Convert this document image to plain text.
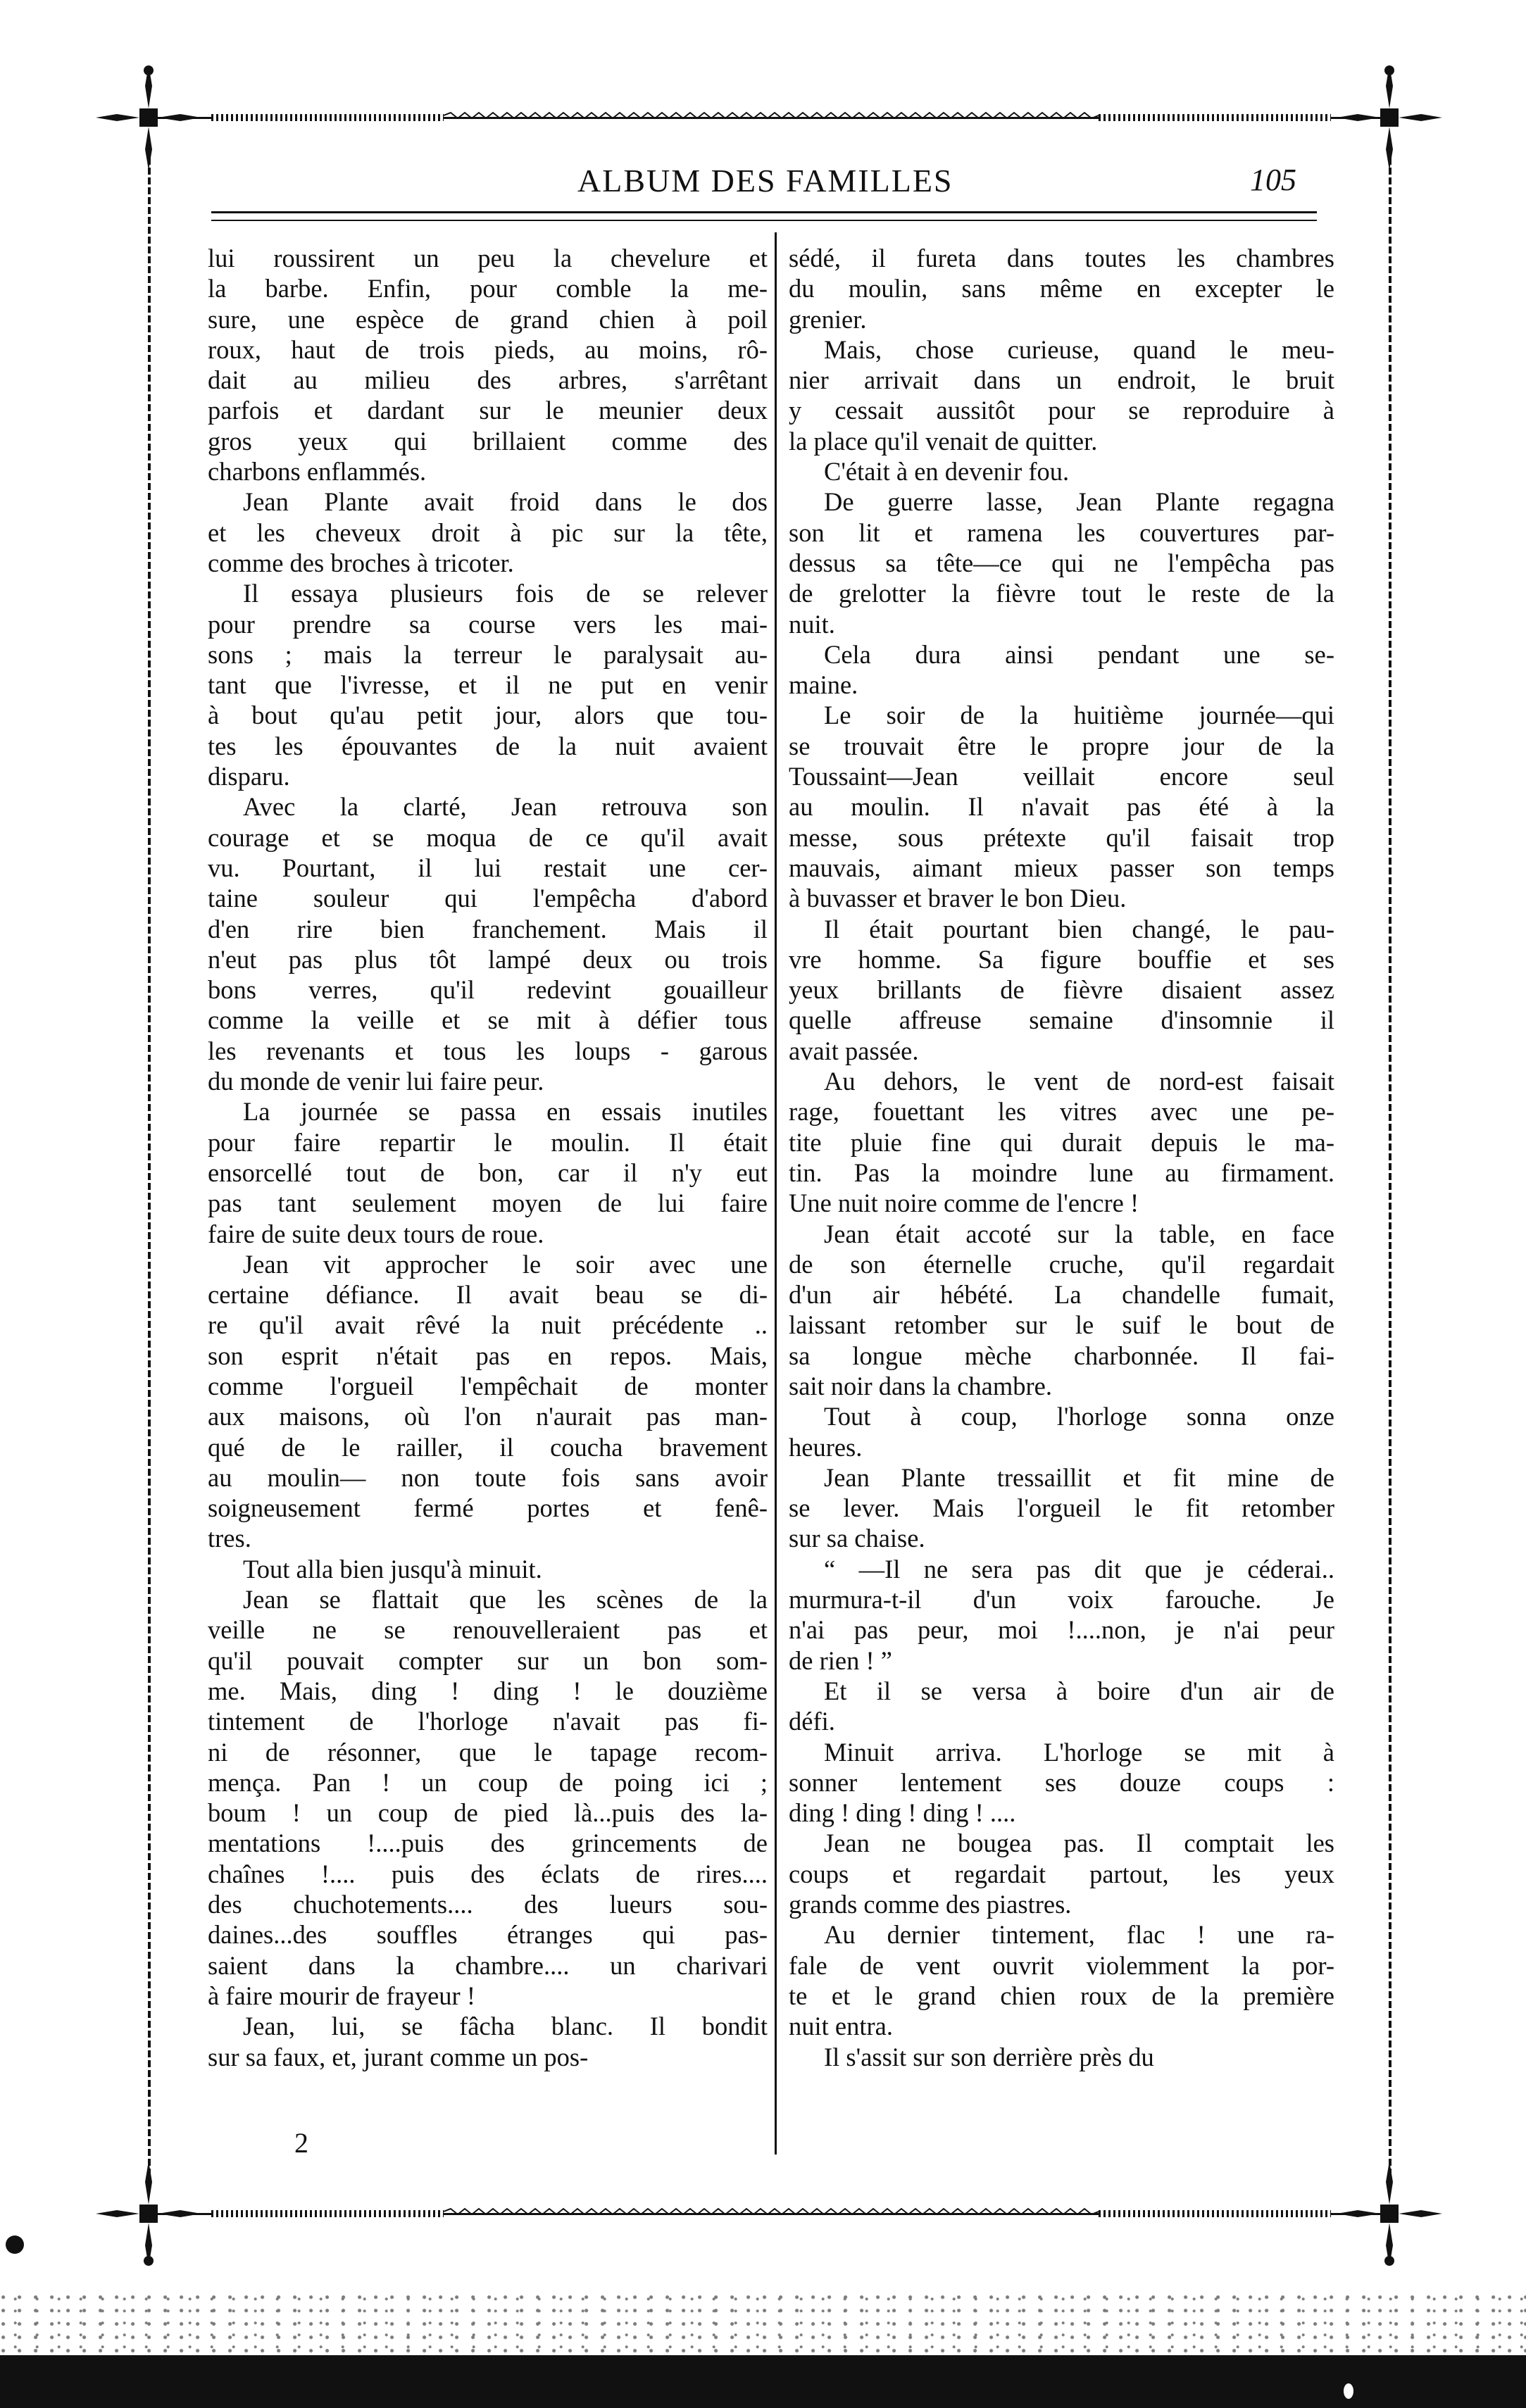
ALBUM DES FAMILLES	105
lui roussirent un peu la chevelure et
la barbe. Enfin, pour comble la me-
sure, une espèce de grand chien à poil
roux, haut de trois pieds, au moins, rô-
dait au milieu des arbres, s'arrêtant
parfois et dardant sur le meunier deux
gros yeux qui brillaient comme des
charbons enflammés.
Jean Plante avait froid dans le dos
et les cheveux droit à pic sur la tête,
comme des broches à tricoter.
Il essaya plusieurs fois de se relever
pour prendre sa course vers les mai-
sons ; mais la terreur le paralysait au-
tant que l'ivresse, et il ne put en venir
à bout qu'au petit jour, alors que tou-
tes les épouvantes de la nuit avaient
disparu.
Avec la clarté, Jean retrouva son
courage et se moqua de ce qu'il avait
vu. Pourtant, il lui restait une cer-
taine souleur qui l'empêcha d'abord
d'en rire bien franchement. Mais il
n'eut pas plus tôt lampé deux ou trois
bons verres, qu'il redevint gouailleur
comme la veille et se mit à défier tous
les revenants et tous les loups - garous
du monde de venir lui faire peur.
La journée se passa en essais inutiles
pour faire repartir le moulin. Il était
ensorcellé tout de bon, car il n'y eut
pas tant seulement moyen de lui faire
faire de suite deux tours de roue.
Jean vit approcher le soir avec une
certaine défiance. Il avait beau se di-
re qu'il avait rêvé la nuit précédente ..
son esprit n'était pas en repos. Mais,
comme l'orgueil l'empêchait de monter
aux maisons, où l'on n'aurait pas man-
qué de le railler, il coucha bravement
au moulin— non toute fois sans avoir
soigneusement fermé portes et fenê-
tres.
Tout alla bien jusqu'à minuit.
Jean se flattait que les scènes de la
veille ne se renouvelleraient pas et
qu'il pouvait compter sur un bon som-
me. Mais, ding ! ding ! le douzième
tintement de l'horloge n'avait pas fi-
ni de résonner, que le tapage recom-
mença. Pan ! un coup de poing ici ;
boum ! un coup de pied là...puis des la-
mentations !....puis des grincements de
chaînes !.... puis des éclats de rires....
des chuchotements.... des lueurs sou-
daines...des souffles étranges qui pas-
saient dans la chambre.... un charivari
à faire mourir de frayeur !
Jean, lui, se fâcha blanc. Il bondit
sur sa faux, et, jurant comme un pos-
sédé, il fureta dans toutes les chambres
du moulin, sans même en excepter le
grenier.
Mais, chose curieuse, quand le meu-
nier arrivait dans un endroit, le bruit
y cessait aussitôt pour se reproduire à
la place qu'il venait de quitter.
C'était à en devenir fou.
De guerre lasse, Jean Plante regagna
son lit et ramena les couvertures par-
dessus sa tête—ce qui ne l'empêcha pas
de grelotter la fièvre tout le reste de la
nuit.
Cela dura ainsi pendant une se-
maine.
Le soir de la huitième journée—qui
se trouvait être le propre jour de la
Toussaint—Jean veillait encore seul
au moulin. Il n'avait pas été à la
messe, sous prétexte qu'il faisait trop
mauvais, aimant mieux passer son temps
à buvasser et braver le bon Dieu.
Il était pourtant bien changé, le pau-
vre homme. Sa figure bouffie et ses
yeux brillants de fièvre disaient assez
quelle affreuse semaine d'insomnie il
avait passée.
Au dehors, le vent de nord-est faisait
rage, fouettant les vitres avec une pe-
tite pluie fine qui durait depuis le ma-
tin. Pas la moindre lune au firmament.
Une nuit noire comme de l'encre !
Jean était accoté sur la table, en face
de son éternelle cruche, qu'il regardait
d'un air hébété. La chandelle fumait,
laissant retomber sur le suif le bout de
sa longue mèche charbonnée. Il fai-
sait noir dans la chambre.
Tout à coup, l'horloge sonna onze
heures.
Jean Plante tressaillit et fit mine de
se lever. Mais l'orgueil le fit retomber
sur sa chaise.
“ —Il ne sera pas dit que je céderai..
murmura-t-il d'un voix farouche. Je
n'ai pas peur, moi !....non, je n'ai peur
de rien ! ”
Et il se versa à boire d'un air de
défi.
Minuit arriva. L'horloge se mit à
sonner lentement ses douze coups :
ding ! ding ! ding ! ....
Jean ne bougea pas. Il comptait les
coups et regardait partout, les yeux
grands comme des piastres.
Au dernier tintement, flac ! une ra-
fale de vent ouvrit violemment la por-
te et le grand chien roux de la première
nuit entra.
Il s'assit sur son derrière près du
2
